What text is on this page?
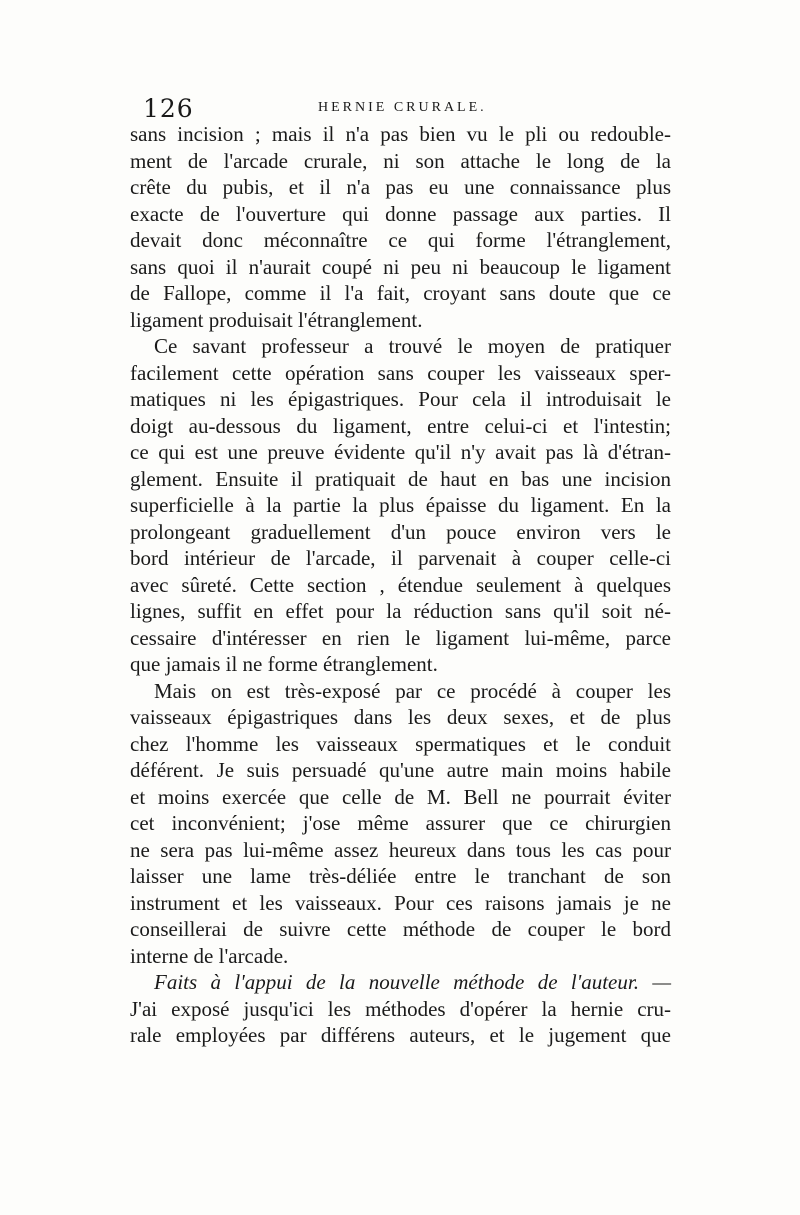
126	HERNIE CRURALE.
sans incision ; mais il n'a pas bien vu le pli ou redouble-
ment de l'arcade crurale, ni son attache le long de la
crête du pubis, et il n'a pas eu une connaissance plus
exacte de l'ouverture qui donne passage aux parties. Il
devait donc méconnaître ce qui forme l'étranglement,
sans quoi il n'aurait coupé ni peu ni beaucoup le ligament
de Fallope, comme il l'a fait, croyant sans doute que ce
ligament produisait l'étranglement.
Ce savant professeur a trouvé le moyen de pratiquer
facilement cette opération sans couper les vaisseaux sper-
matiques ni les épigastriques. Pour cela il introduisait le
doigt au-dessous du ligament, entre celui-ci et l'intestin;
ce qui est une preuve évidente qu'il n'y avait pas là d'étran-
glement. Ensuite il pratiquait de haut en bas une incision
superficielle à la partie la plus épaisse du ligament. En la
prolongeant graduellement d'un pouce environ vers le
bord intérieur de l'arcade, il parvenait à couper celle-ci
avec sûreté. Cette section , étendue seulement à quelques
lignes, suffit en effet pour la réduction sans qu'il soit né-
cessaire d'intéresser en rien le ligament lui-même, parce
que jamais il ne forme étranglement.
Mais on est très-exposé par ce procédé à couper les
vaisseaux épigastriques dans les deux sexes, et de plus
chez l'homme les vaisseaux spermatiques et le conduit
déférent. Je suis persuadé qu'une autre main moins habile
et moins exercée que celle de M. Bell ne pourrait éviter
cet inconvénient; j'ose même assurer que ce chirurgien
ne sera pas lui-même assez heureux dans tous les cas pour
laisser une lame très-déliée entre le tranchant de son
instrument et les vaisseaux. Pour ces raisons jamais je ne
conseillerai de suivre cette méthode de couper le bord
interne de l'arcade.
Faits à l'appui de la nouvelle méthode de l'auteur. —
J'ai exposé jusqu'ici les méthodes d'opérer la hernie cru-
rale employées par différens auteurs, et le jugement que
